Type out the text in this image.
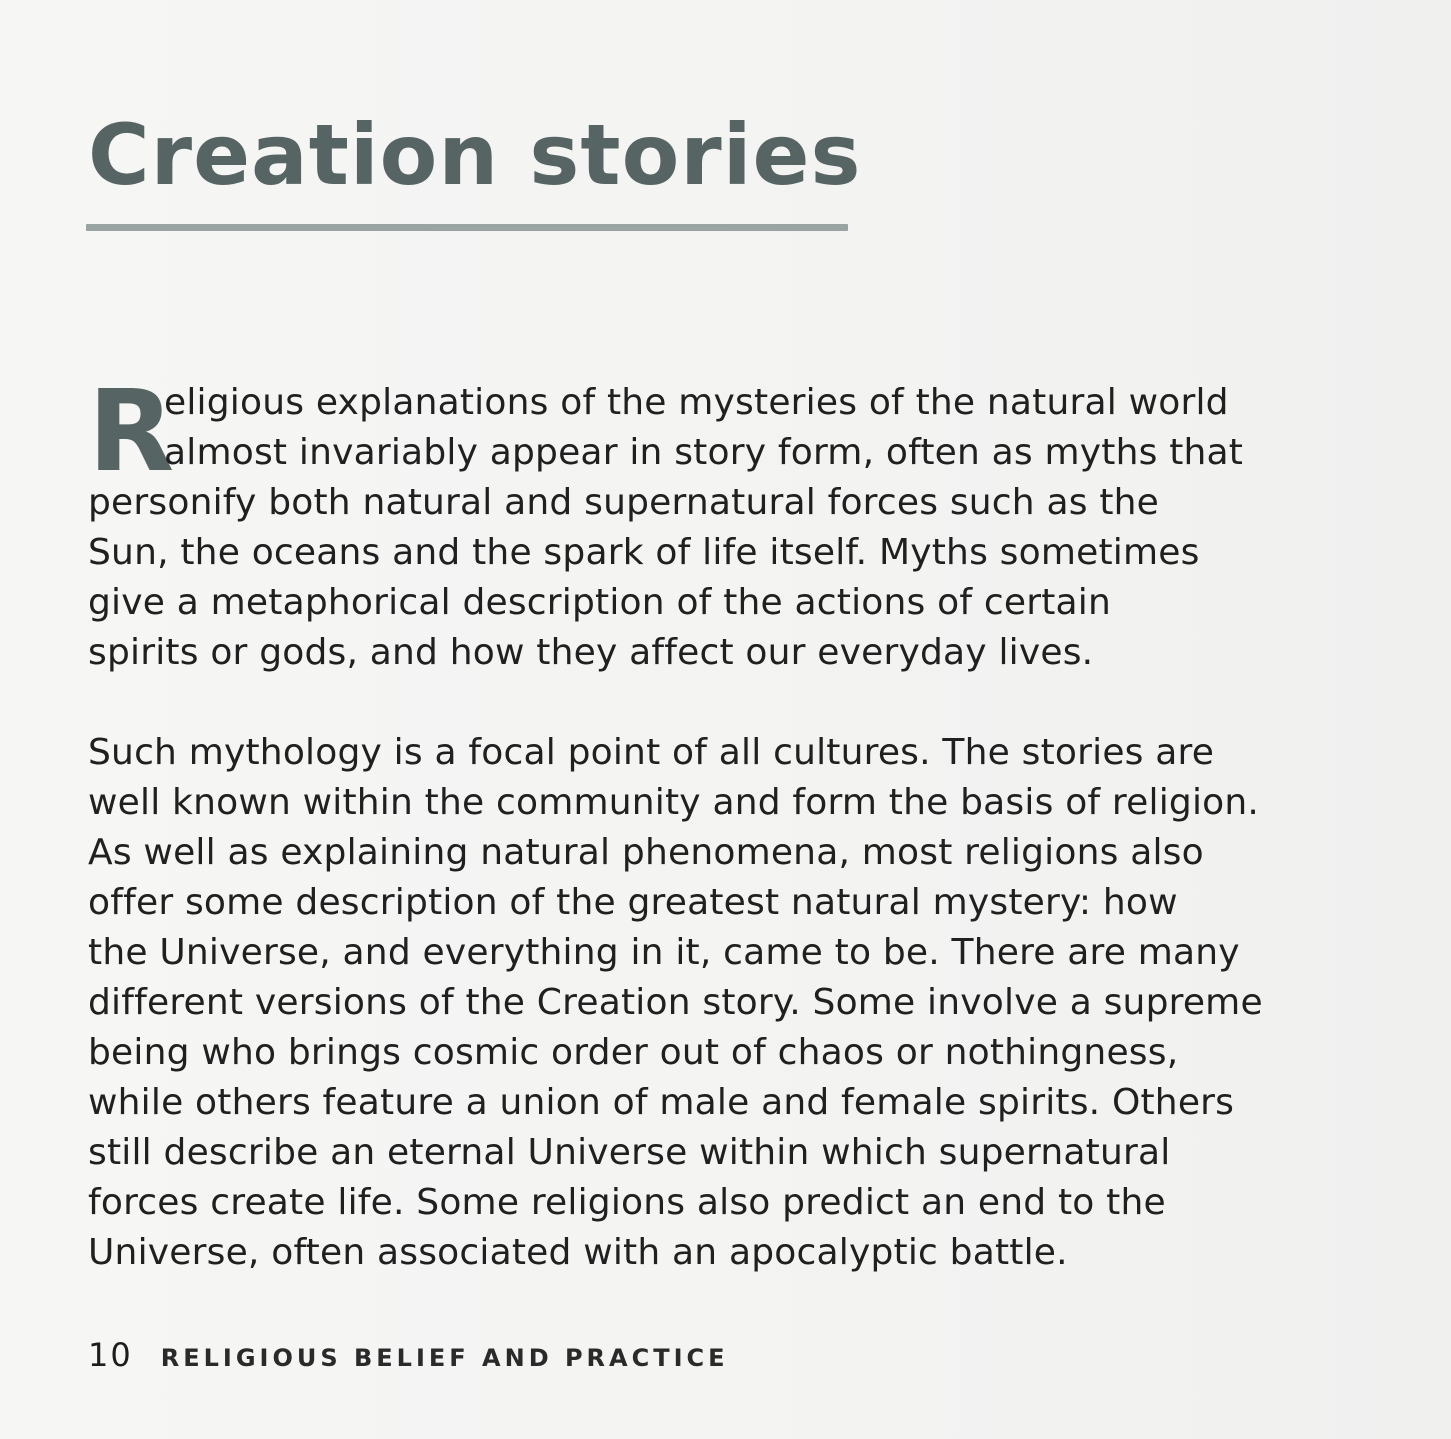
Creation stories
R
eligious explanations of the mysteries of the natural world
almost invariably appear in story form, often as myths that
personify both natural and supernatural forces such as the
Sun, the oceans and the spark of life itself. Myths sometimes
give a metaphorical description of the actions of certain
spirits or gods, and how they affect our everyday lives.
Such mythology is a focal point of all cultures. The stories are
well known within the community and form the basis of religion.
As well as explaining natural phenomena, most religions also
offer some description of the greatest natural mystery: how
the Universe, and everything in it, came to be. There are many
different versions of the Creation story. Some involve a supreme
being who brings cosmic order out of chaos or nothingness,
while others feature a union of male and female spirits. Others
still describe an eternal Universe within which supernatural
forces create life. Some religions also predict an end to the
Universe, often associated with an apocalyptic battle.
10 RELIGIOUS BELIEF AND PRACTICE
